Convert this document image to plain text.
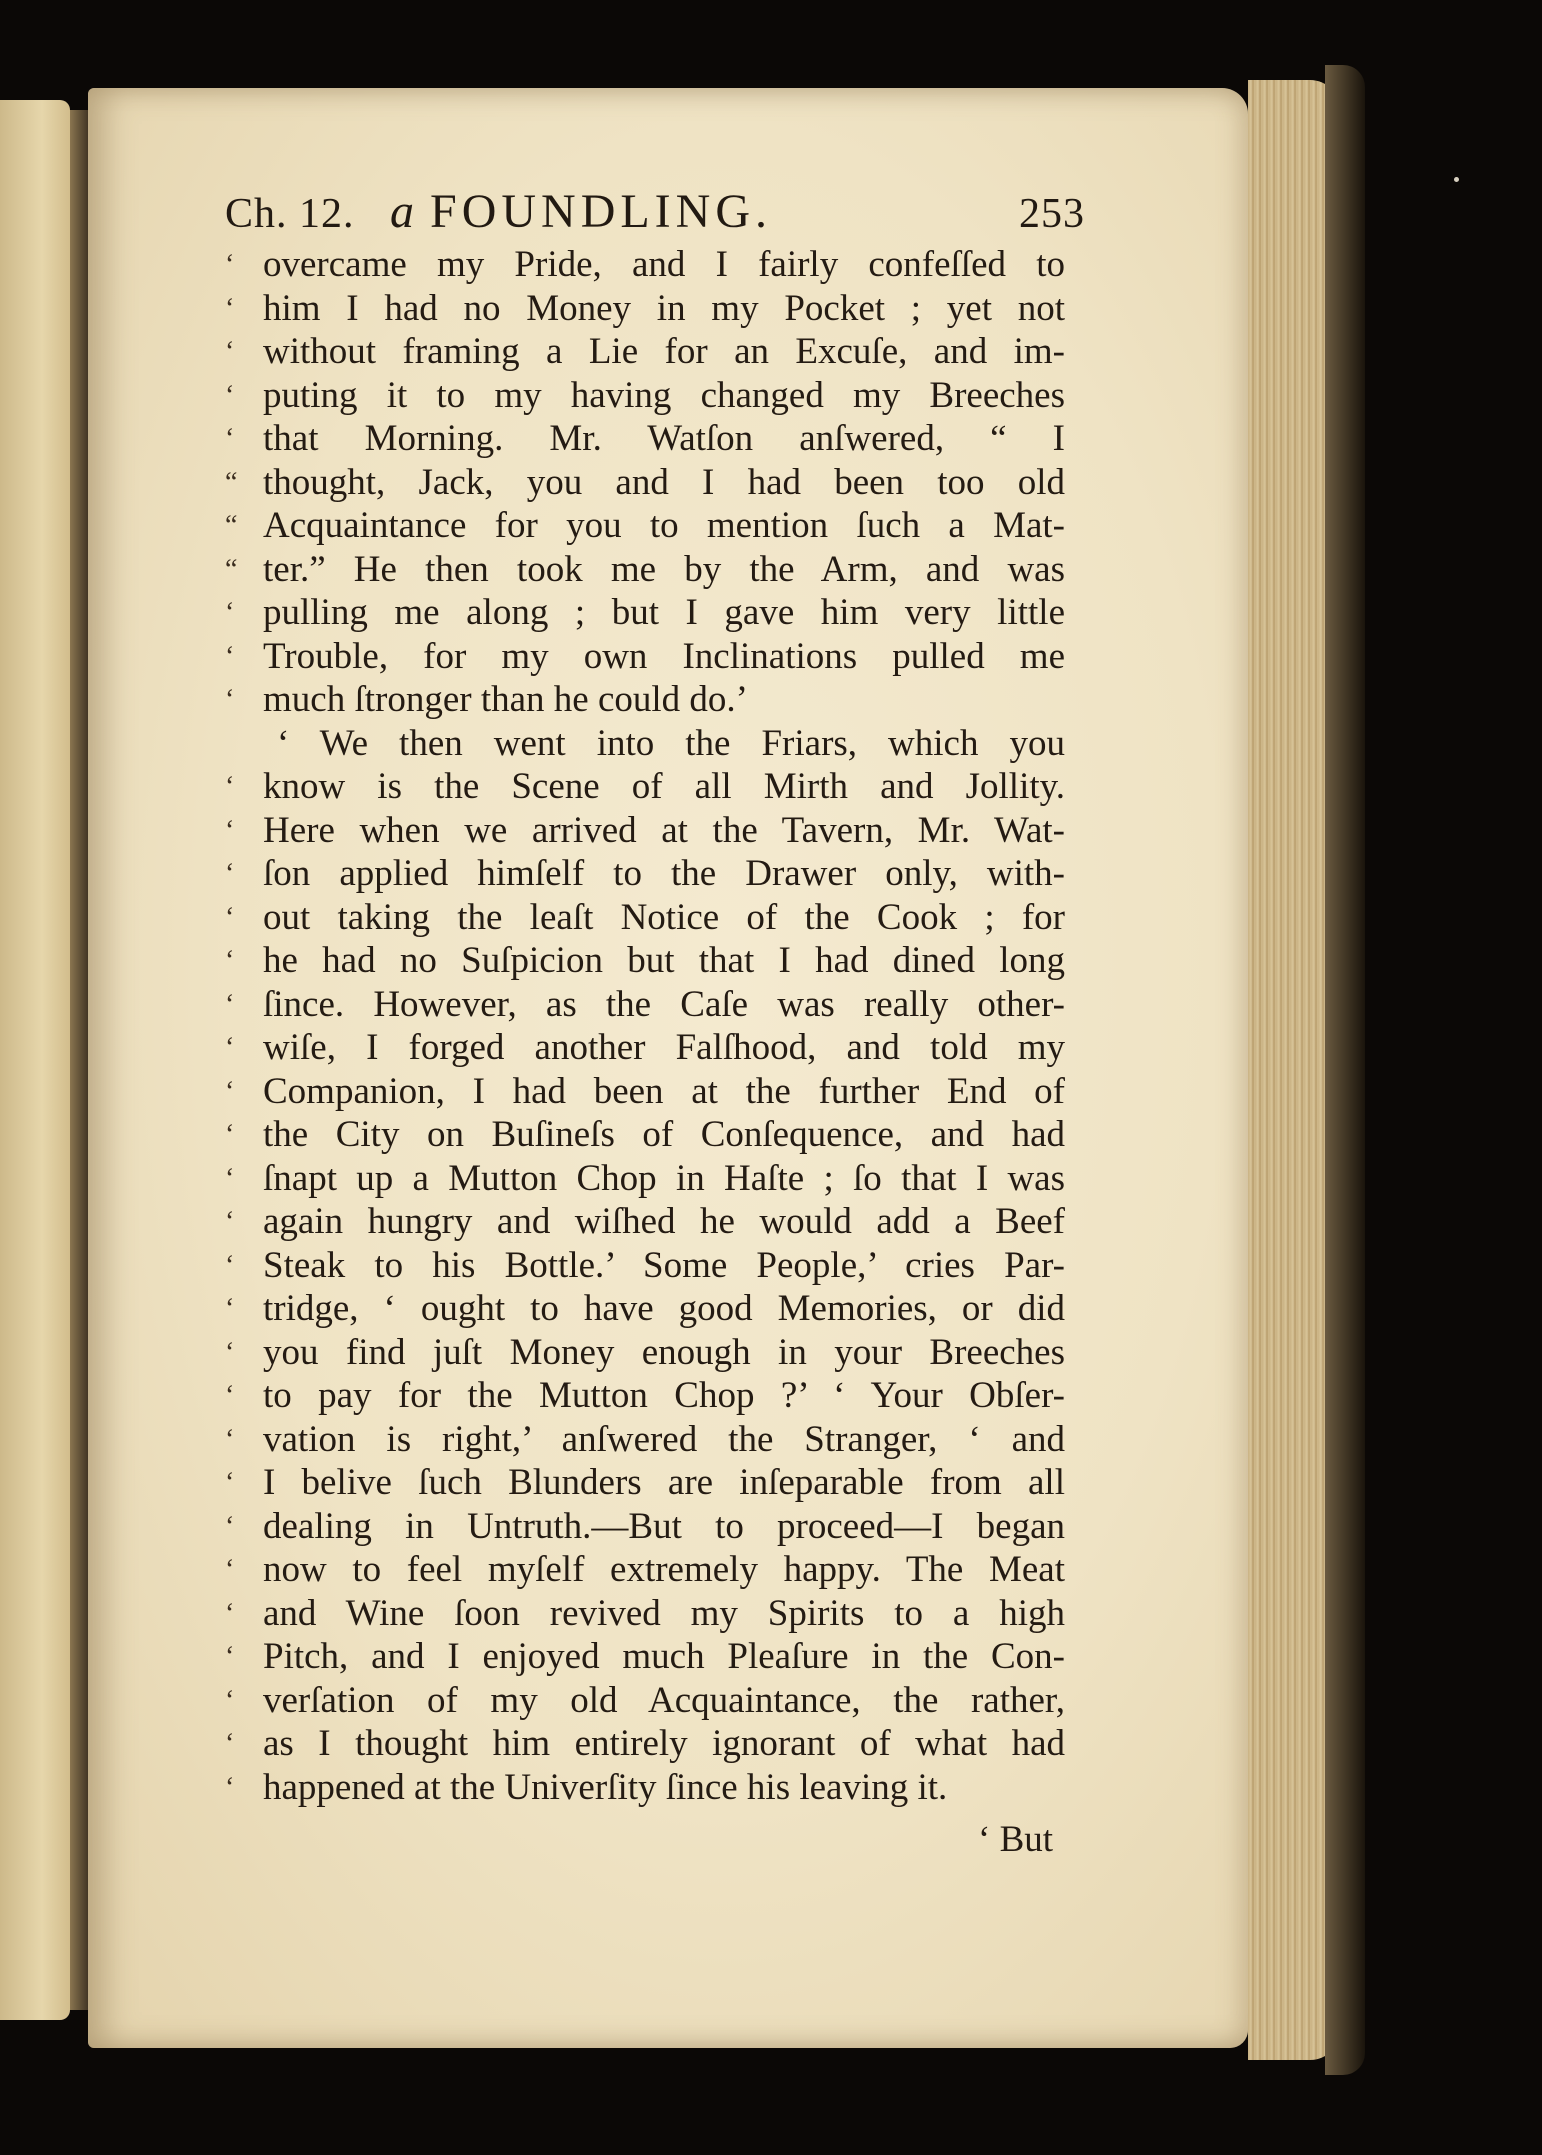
Ch. 12. a FOUNDLING.	253
‘ overcame my Pride, and I fairly confeſſed to
‘ him I had no Money in my Pocket ; yet not
‘ without framing a Lie for an Excuſe, and im-
‘ puting it to my having changed my Breeches
‘ that Morning. Mr. Watſon anſwered, “ I
“ thought, Jack, you and I had been too old
“ Acquaintance for you to mention ſuch a Mat-
“ ter.” He then took me by the Arm, and was
‘ pulling me along ; but I gave him very little
‘ Trouble, for my own Inclinations pulled me
‘ much ſtronger than he could do.’
‘ We then went into the Friars, which you
‘ know is the Scene of all Mirth and Jollity.
‘ Here when we arrived at the Tavern, Mr. Wat-
‘ ſon applied himſelf to the Drawer only, with-
‘ out taking the leaſt Notice of the Cook ; for
‘ he had no Suſpicion but that I had dined long
‘ ſince. However, as the Caſe was really other-
‘ wiſe, I forged another Falſhood, and told my
‘ Companion, I had been at the further End of
‘ the City on Buſineſs of Conſequence, and had
‘ ſnapt up a Mutton Chop in Haſte ; ſo that I was
‘ again hungry and wiſhed he would add a Beef
‘ Steak to his Bottle.’ Some People,’ cries Par-
‘ tridge, ‘ ought to have good Memories, or did
‘ you find juſt Money enough in your Breeches
‘ to pay for the Mutton Chop ?’ ‘ Your Obſer-
‘ vation is right,’ anſwered the Stranger, ‘ and
‘ I belive ſuch Blunders are inſeparable from all
‘ dealing in Untruth.—But to proceed—I began
‘ now to feel myſelf extremely happy. The Meat
‘ and Wine ſoon revived my Spirits to a high
‘ Pitch, and I enjoyed much Pleaſure in the Con-
‘ verſation of my old Acquaintance, the rather,
‘ as I thought him entirely ignorant of what had
‘ happened at the Univerſity ſince his leaving it.
‘ But
